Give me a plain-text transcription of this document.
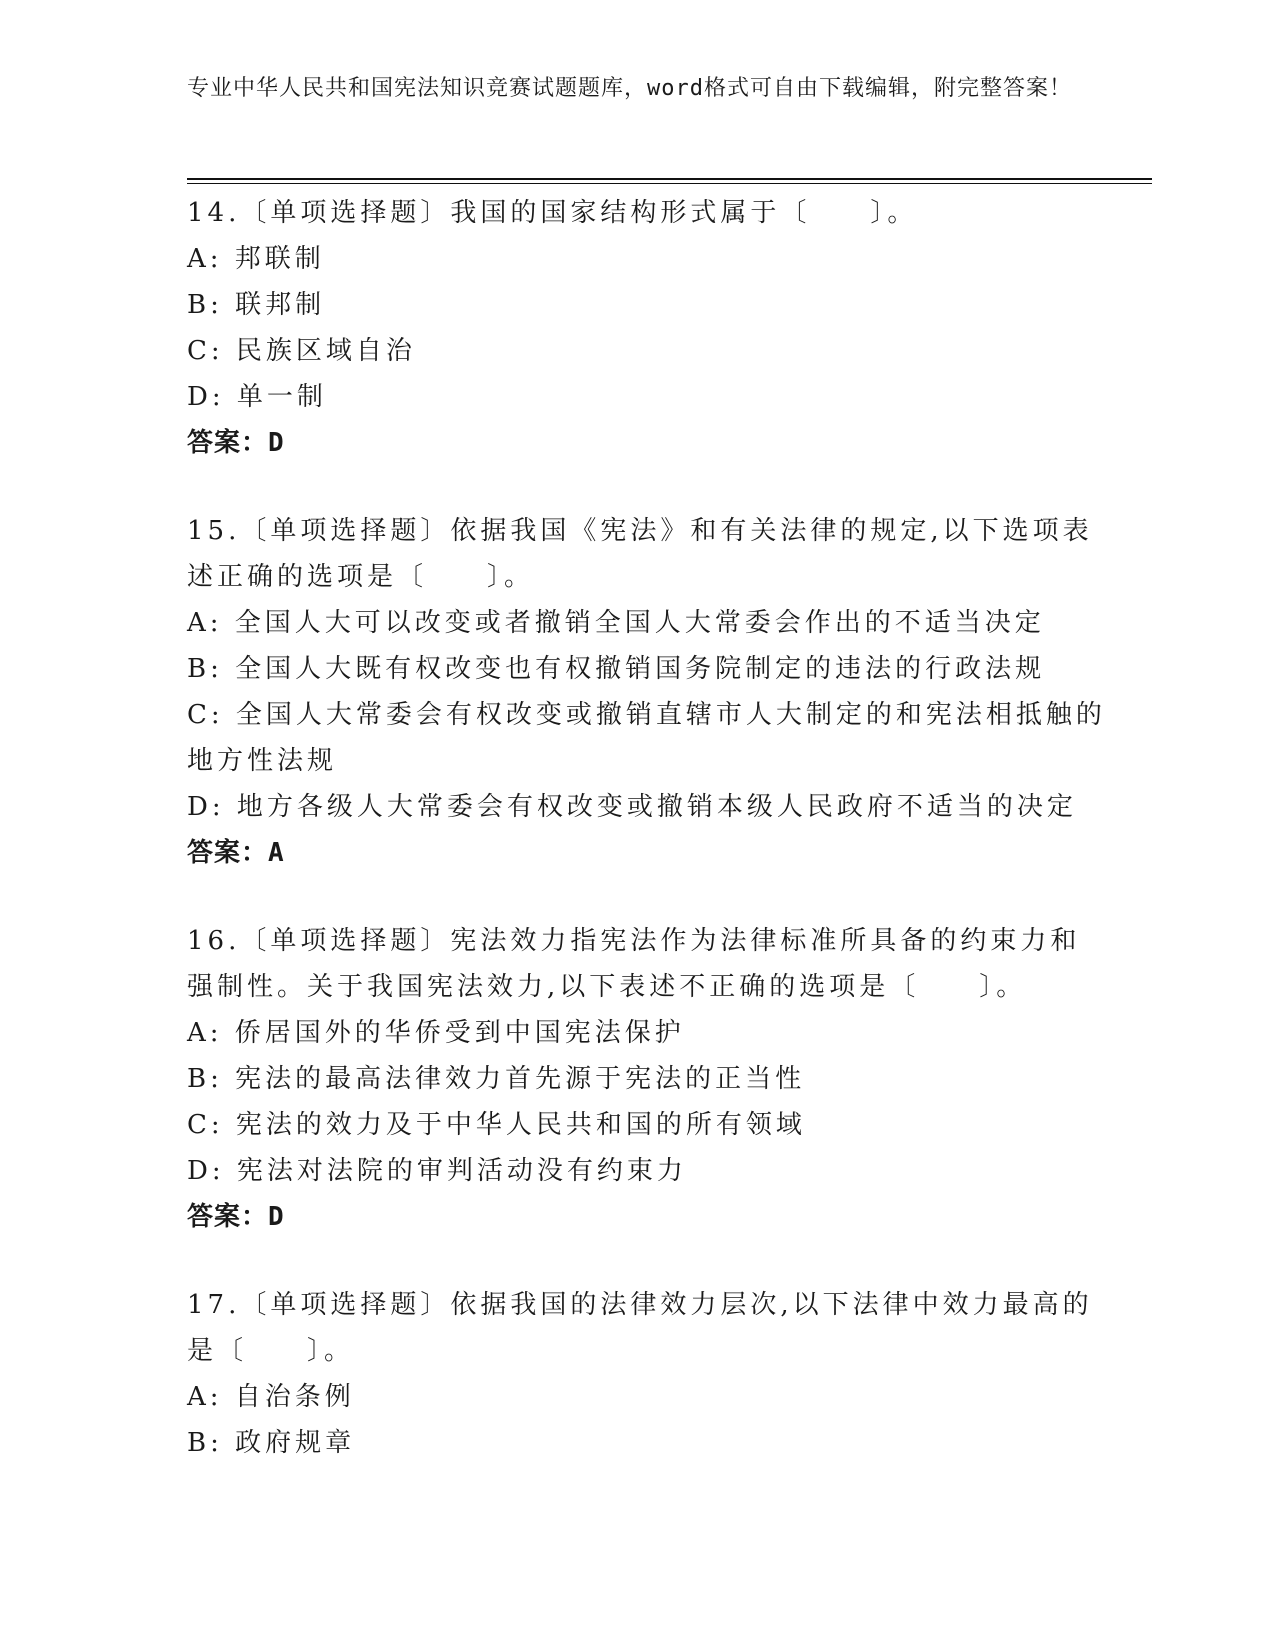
专业中华人民共和国宪法知识竞赛试题题库，word格式可自由下载编辑，附完整答案！
14.〔单项选择题〕我国的国家结构形式属于〔　　〕。
A: 邦联制
B: 联邦制
C: 民族区域自治
D: 单一制
答案：D
15.〔单项选择题〕依据我国《宪法》和有关法律的规定,以下选项表述正确的选项是〔　　〕。
A: 全国人大可以改变或者撤销全国人大常委会作出的不适当决定
B: 全国人大既有权改变也有权撤销国务院制定的违法的行政法规
C: 全国人大常委会有权改变或撤销直辖市人大制定的和宪法相抵触的地方性法规
D: 地方各级人大常委会有权改变或撤销本级人民政府不适当的决定
答案：A
16.〔单项选择题〕宪法效力指宪法作为法律标准所具备的约束力和强制性。关于我国宪法效力,以下表述不正确的选项是〔　　〕。
A: 侨居国外的华侨受到中国宪法保护
B: 宪法的最高法律效力首先源于宪法的正当性
C: 宪法的效力及于中华人民共和国的所有领域
D: 宪法对法院的审判活动没有约束力
答案：D
17.〔单项选择题〕依据我国的法律效力层次,以下法律中效力最高的是〔　　〕。
A: 自治条例
B: 政府规章
